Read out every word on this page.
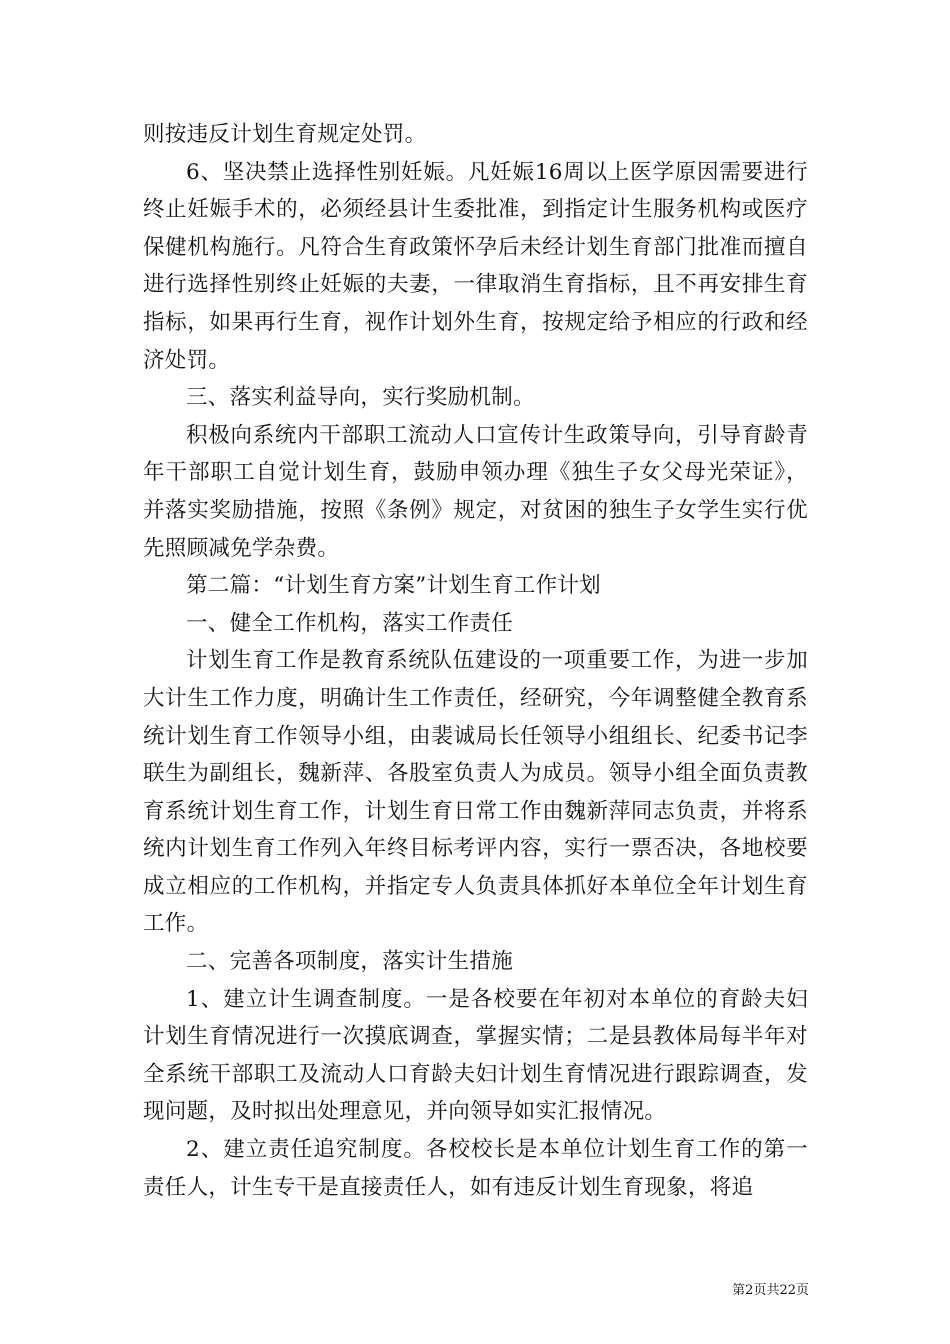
则按违反计划生育规定处罚。

6、坚决禁止选择性别妊娠。凡妊娠16周以上医学原因需要进行终止妊娠手术的，必须经县计生委批准，到指定计生服务机构或医疗保健机构施行。凡符合生育政策怀孕后未经计划生育部门批准而擅自进行选择性别终止妊娠的夫妻，一律取消生育指标，且不再安排生育指标，如果再行生育，视作计划外生育，按规定给予相应的行政和经济处罚。

三、落实利益导向，实行奖励机制。

积极向系统内干部职工流动人口宣传计生政策导向，引导育龄青年干部职工自觉计划生育，鼓励申领办理《独生子女父母光荣证》，并落实奖励措施，按照《条例》规定，对贫困的独生子女学生实行优先照顾减免学杂费。

第二篇：“计划生育方案”计划生育工作计划

一、健全工作机构，落实工作责任

计划生育工作是教育系统队伍建设的一项重要工作，为进一步加大计生工作力度，明确计生工作责任，经研究，今年调整健全教育系统计划生育工作领导小组，由裴诚局长任领导小组组长、纪委书记李联生为副组长，魏新萍、各股室负责人为成员。领导小组全面负责教育系统计划生育工作，计划生育日常工作由魏新萍同志负责，并将系统内计划生育工作列入年终目标考评内容，实行一票否决，各地校要成立相应的工作机构，并指定专人负责具体抓好本单位全年计划生育工作。

二、完善各项制度，落实计生措施

1、建立计生调查制度。一是各校要在年初对本单位的育龄夫妇计划生育情况进行一次摸底调查，掌握实情；二是县教体局每半年对全系统干部职工及流动人口育龄夫妇计划生育情况进行跟踪调查，发现问题，及时拟出处理意见，并向领导如实汇报情况。

2、建立责任追究制度。各校校长是本单位计划生育工作的第一责任人，计生专干是直接责任人，如有违反计划生育现象，将追

第2页共22页
